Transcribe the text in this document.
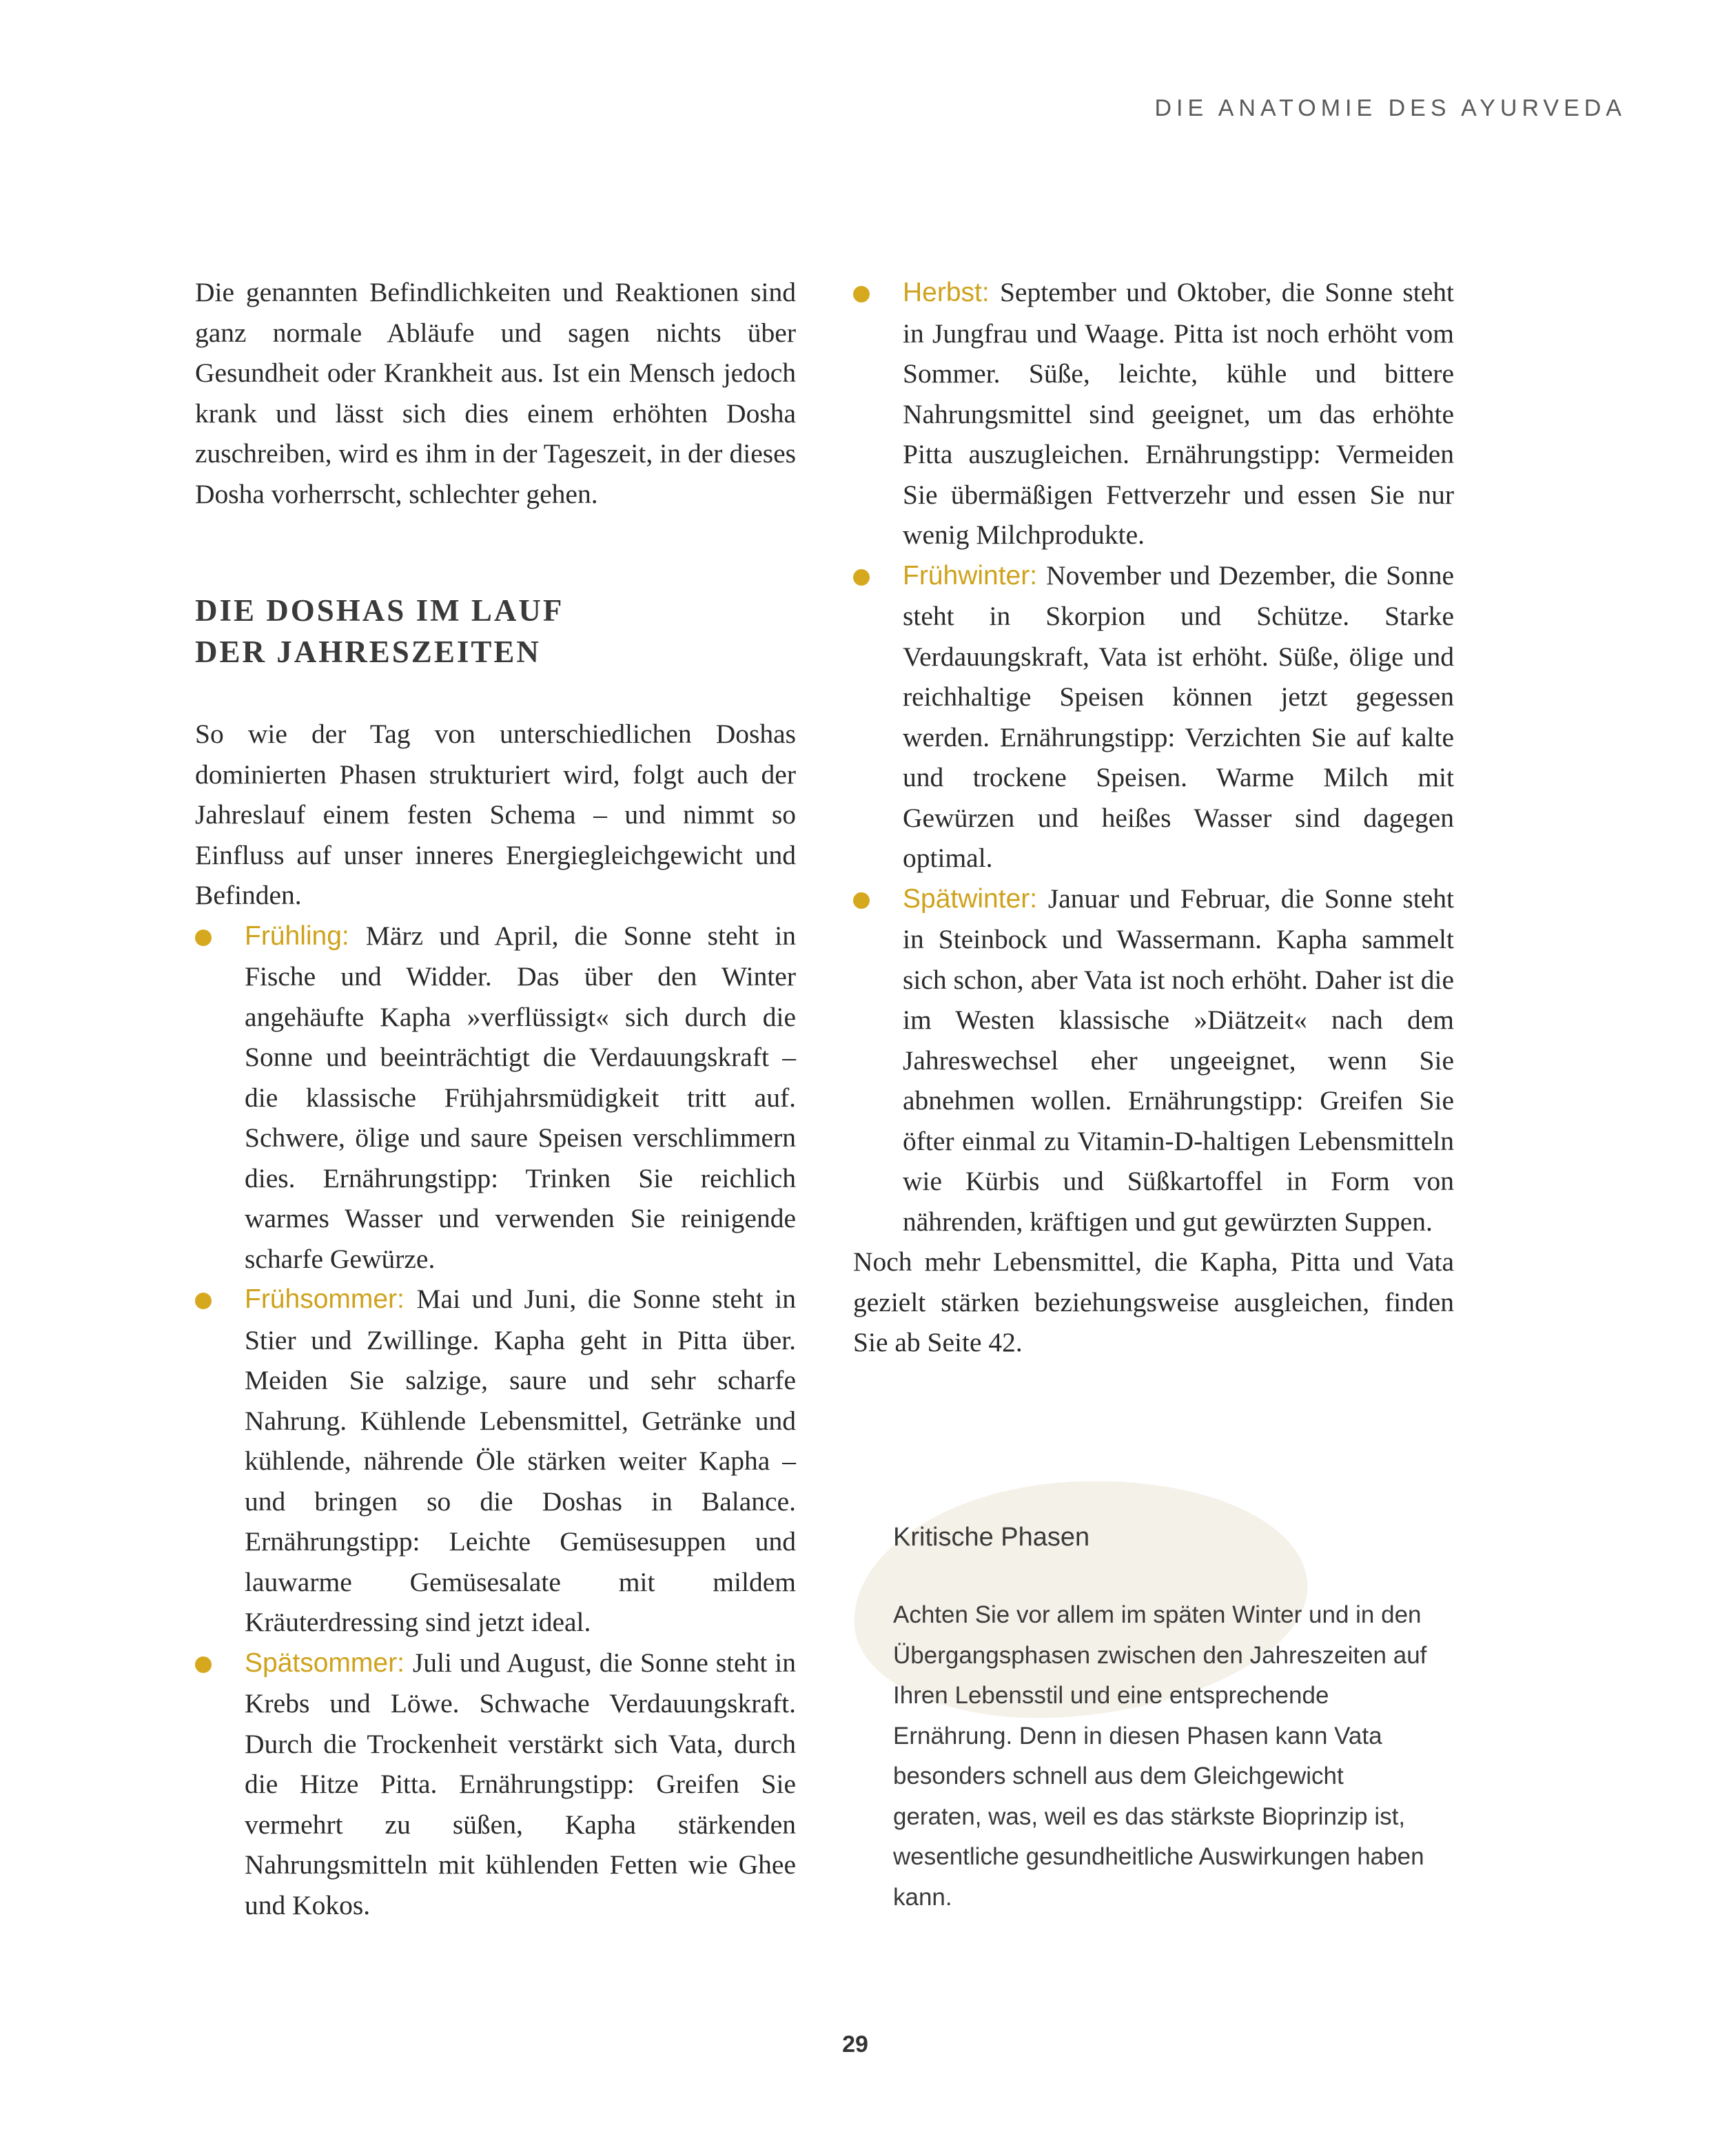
DIE ANATOMIE DES AYURVEDA

Die genannten Befindlichkeiten und Reaktionen sind ganz normale Abläufe und sagen nichts über Gesundheit oder Krankheit aus. Ist ein Mensch jedoch krank und lässt sich dies einem erhöhten Dosha zuschreiben, wird es ihm in der Tageszeit, in der dieses Dosha vorherrscht, schlechter gehen.

DIE DOSHAS IM LAUF
DER JAHRESZEITEN

So wie der Tag von unterschiedlichen Doshas dominierten Phasen strukturiert wird, folgt auch der Jahreslauf einem festen Schema – und nimmt so Einfluss auf unser inneres Energiegleichgewicht und Befinden.

Frühling: März und April, die Sonne steht in Fische und Widder. Das über den Winter angehäufte Kapha »verflüssigt« sich durch die Sonne und beeinträchtigt die Verdauungskraft – die klassische Frühjahrsmüdigkeit tritt auf. Schwere, ölige und saure Speisen verschlimmern dies. Ernährungstipp: Trinken Sie reichlich warmes Wasser und verwenden Sie reinigende scharfe Gewürze.
Frühsommer: Mai und Juni, die Sonne steht in Stier und Zwillinge. Kapha geht in Pitta über. Meiden Sie salzige, saure und sehr scharfe Nahrung. Kühlende Lebensmittel, Getränke und kühlende, nährende Öle stärken weiter Kapha – und bringen so die Doshas in Balance. Ernährungstipp: Leichte Gemüsesuppen und lauwarme Gemüsesalate mit mildem Kräuterdressing sind jetzt ideal.
Spätsommer: Juli und August, die Sonne steht in Krebs und Löwe. Schwache Verdauungskraft. Durch die Trockenheit verstärkt sich Vata, durch die Hitze Pitta. Ernährungstipp: Greifen Sie vermehrt zu süßen, Kapha stärkenden Nahrungsmitteln mit kühlenden Fetten wie Ghee und Kokos.
Herbst: September und Oktober, die Sonne steht in Jungfrau und Waage. Pitta ist noch erhöht vom Sommer. Süße, leichte, kühle und bittere Nahrungsmittel sind geeignet, um das erhöhte Pitta auszugleichen. Ernährungstipp: Vermeiden Sie übermäßigen Fettverzehr und essen Sie nur wenig Milchprodukte.
Frühwinter: November und Dezember, die Sonne steht in Skorpion und Schütze. Starke Verdauungskraft, Vata ist erhöht. Süße, ölige und reichhaltige Speisen können jetzt gegessen werden. Ernährungstipp: Verzichten Sie auf kalte und trockene Speisen. Warme Milch mit Gewürzen und heißes Wasser sind dagegen optimal.
Spätwinter: Januar und Februar, die Sonne steht in Steinbock und Wassermann. Kapha sammelt sich schon, aber Vata ist noch erhöht. Daher ist die im Westen klassische »Diätzeit« nach dem Jahreswechsel eher ungeeignet, wenn Sie abnehmen wollen. Ernährungstipp: Greifen Sie öfter einmal zu Vitamin-D-haltigen Lebensmitteln wie Kürbis und Süßkartoffel in Form von nährenden, kräftigen und gut gewürzten Suppen.

Noch mehr Lebensmittel, die Kapha, Pitta und Vata gezielt stärken beziehungsweise ausgleichen, finden Sie ab Seite 42.

Kritische Phasen
Achten Sie vor allem im späten Winter und in den Übergangsphasen zwischen den Jahreszeiten auf Ihren Lebensstil und eine entsprechende Ernährung. Denn in diesen Phasen kann Vata besonders schnell aus dem Gleichgewicht geraten, was, weil es das stärkste Bioprinzip ist, wesentliche gesundheitliche Auswirkungen haben kann.
29
